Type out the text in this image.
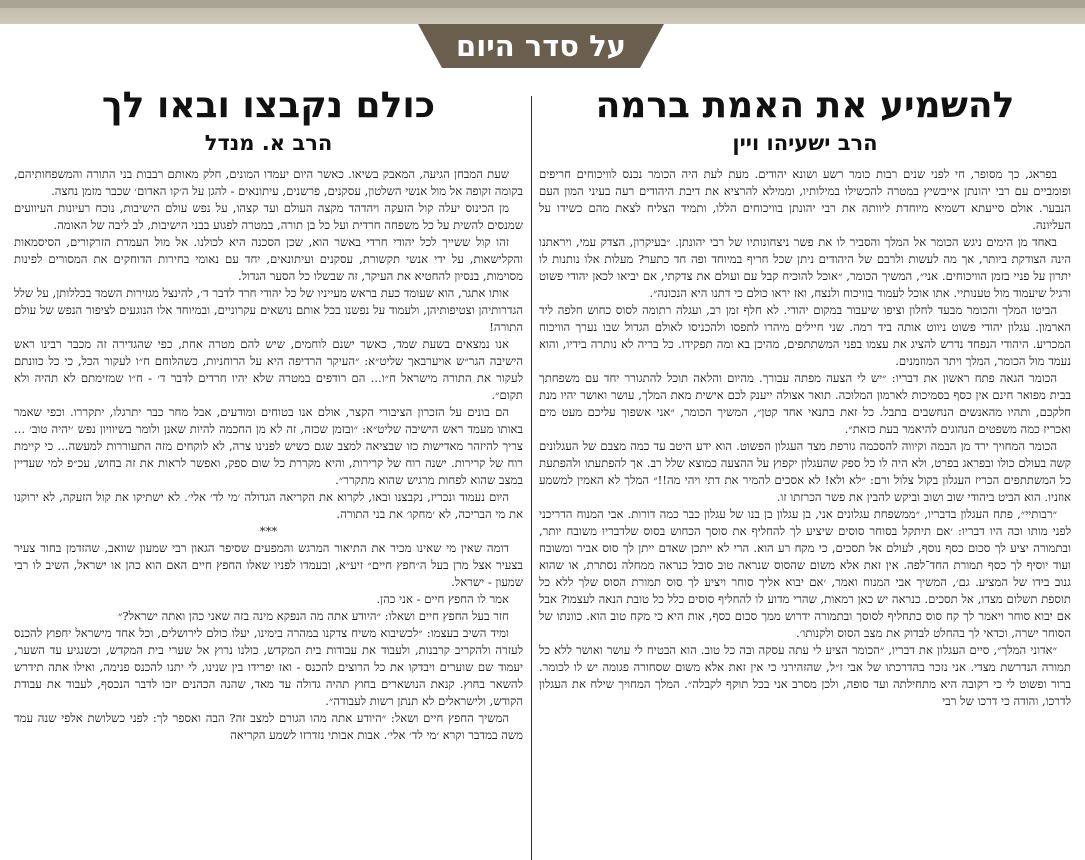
על סדר היום
להשמיע את האמת ברמה
הרב ישעיהו ויין

בפראג, כך מסופר, חי לפני שנים רבות כומר רשע ושונא יהודים. מעת לעת היה הכומר נכנס לוויכוחים חריפים ופומביים עם רבי יהונתן אייבשיץ במטרה להכשילו במילותיו, וממילא להרציא את דיבת היהודים רעה בעיני המון העם הנבער. אולם סייעתא דשמיא מיוחדת ליוותה את רבי יהונתן בוויכוחים הללו, ותמיד הצליח לצאת מהם כשידו על העליונה.

באחד מן הימים ניגש הכומר אל המלך והסביר לו את פשר ניצחונותיו של רבי יהונתן. ״בעיקרון, הצדק עמי, ויראתנו הינה הצודקת ביותר, אך מה לעשות ולרבם של היהודים ניתן שכל חריף במיוחד ופה חד כתער? מעלות אלו נותנות לו יתרון על פניי בזמן הוויכוחים. אני״, המשיך הכומר, ״אוכל להוכיח קבל עם ועולם את צדקתי, אם יביאו לכאן יהודי פשוט ורגיל שיעמוד מול טענותיי. אתו אוכל לעמוד בוויכוח ולנצח, ואז יראו כולם כי דתנו היא הנכונה״.

הביטו המלך והכומר מבעד לחלון וציפו שיעבור במקום יהודי. לא חלף זמן רב, ועגלה רתומה לסוס כחוש חלפה ליד הארמון. עגלון יהודי פשוט ניווט אותה ביד רמה. שני חיילים מיהרו לתפסו ולהכניסו לאולם הגדול שבו נערך הוויכוח המכריע. היהודי הנפחד נדרש להציג את עצמו בפני המשתתפים, מהיכן בא ומה תפקידו. כל בריה לא נותרה בידיו, והוא נעמד מול הכומר, המלך ויתר המוזמנים.

הכומר הגאה פתח ראשון את דבריו: ״יש לי הצעה מפתה עבורך. מהיום והלאה תוכל להתגורר יחד עם משפחתך בבית מפואר חינם אין כסף בסמיכות לארמון המלוכה. תואר אצולה ייענק לכם אישית מאת המלך, עושר ואושר יהיו מנת חלקכם, ותהיו מהאנשים הנחשבים בתבל. כל זאת בתנאי אחד קטן״, המשיך הכומר, ״אני אשפוך עליכם מעט מים ואכריז כמה משפטים הנהוגים להיאמר בעת כזאת״.

הכומר המחויך ירד מן הבמה וקיווה להסכמה גורפת מצד העגלון הפשוט. הוא ידע היטב עד כמה מצבם של העגלונים קשה בעולם כולו ובפראג בפרט, ולא היה לו כל ספק שהעגלון יקפוץ על ההצעה כמוצא שלל רב. אך להפתעתו ולהפתעת כל המשתתפים הכריז העגלון בקול צלול ורם: ״לא ולא! לא אסכים להמיר את דתי ויהי מה!!״ המלך לא האמין למשמע אוזניו. הוא הביט ביהודי שוב ושוב וביקש להבין את פשר הכרזתו זו.

״רבותיי״, פתח העגלון בדבריו, ״ממשפחת עגלונים אני, בן עגלון בן בנו של עגלון כבר כמה דורות. אבי המנוח הדריכני לפני מותו וכה היו דבריו: ׳אם תיתקל בסוחר סוסים שיציע לך להחליף את סוסך הכחוש בסוס שלדבריו משובח יותר, ובתמורה יציע לך סכום כסף נוסף, לעולם אל תסכים, כי מקח רע הוא. הרי לא ייתכן שאדם ייתן לך סוס אביר ומשובח ועוד יוסיף לך כסף תמורת החד־לפה. אין זאת אלא משום שהסוס שנראה טוב סובל כנראה ממחלה נסתרת, או שהוא גנוב בידו של המציע. גם׳, המשיך אבי המנוח ואמר, ׳אם יבוא אליך סוחר ויציע לך סוס תמורת הסוס שלך ללא כל תוספת תשלום מצדו, אל תסכים. כנראה יש כאן רמאות, שהרי מדוע לו להחליף סוסים כלל כל טובת הנאה לעצמו? אבל אם יבוא סוחר ויאמר לך קח סוס כתחליף לסוסך ובתמורה ידרוש ממך סכום כסף, אות היא כי מקח טוב הוא. כוונתו של הסוחר ישרה, וכדאי לך בהחלט לבדוק את מצב הסוס ולקנותו׳.

״אדוני המלך״, סיים העגלון את דבריו, ״הכומר הציע לי עתה עסקה ובה כל טוב. הוא הבטיח לי עושר ואושר ללא כל תמורה הנדרשת מצדי. אני נזכר בהדרכתו של אבי ז״ל, שהזהירני כי אין זאת אלא משום שסחורה פגומה יש לו לכומר. ברור ופשוט לי כי רקובה היא מתחילתה ועד סופה, ולכן מסרב אני בכל תוקף לקבלה״. המלך המחויך שילח את העגלון לדרכו, והודה כי דרכו של רבי

כולם נקבצו ובאו לך
הרב א. מנדל

שעת המבחן הגיעה, המאבק בשיאו. כאשר היום יעמדו המונים, חלק מאותם רבבות בני התורה והמשפחותיהם, בקומה זקופה אל מול אנשי השלטון, עסקנים, פרשנים, עיתונאים - להגן על ה׳קו האדום׳ שכבר מזמן נחצה.

מן הכינוס יעלה קול הזעקה ויהדהד מקצה העולם ועד קצהו, על נפש עולם הישיבות, נוכח רעיונות העיוועים שמנסים להשית על כל משפחה חרדית ועל כל בן תורה, במטרה לפגוע בבני הישיבות, לב ליבה של האומה.

זהו קול ששייך לכל יהודי חרדי באשר הוא, שכן הסכנה היא לכולנו. אל מול העמדת הזרקורים, הסיסמאות והקלישאות, על ידי אנשי תקשורת, עסקנים ועיתונאים, יחד עם נאומי בחירות הדוחקים את המסורים לפינות מסוימות, בנסיון להחטיא את העיקר, זה שבשלו כל הסער הגדול.

אותו אתגר, הוא שעומד כעת בראש מעייניו של כל יהודי חרד לדבר ד׳, להינצל מגזירות השמד בכללותן, על שלל הגדרותיהן וצטיפותיהן, ולעמוד על נפשנו בכל אותם נושאים עקרוניים, ובמיוחד אלו הנוגעים לציפור הנפש של עולם התורה!

אנו נמצאים בשעת שמד, כאשר ישנם לוחמים, שיש להם מטרה אחת, כפי שהגדירה זה מכבר רבינו ראש הישיבה הגר״ש אויערבאך שליט״א: ״העיקר הרדיפה היא על הרוחניות, כשהלוחם ח״ו לעקור הכל, כי כל כוונתם לעקור את התורה מישראל ח״ו... הם רודפים במטרה שלא יהיו חרדים לדבר ד׳ - ח״ו שמזימתם לא תהיה ולא תקום״.

הם בונים על הזכרון הציבורי הקצר, אולם אנו בטוחים ומודעים, אבל מחר כבר יתרגלו, יתקררו. וכפי שאמר באותו מעמד ראש הישיבה שליט״א: ״ובזמן שכזה, זה לא מן החכמה להיות שאנן ולומר בשיוויון נפש ׳יהיה טוב׳ ... צריך להיזהר מאדישות כזו שבציאה למצב שגם כשיש לפנינו צרה, לא לוקחים מזה התעוררות למעשה... כי קיימת רוח של קרירות. ישנה רוח של קרירות, והיא מקררת כל שום ספק, ואפשר לראות את זה בחוש, עכ״פ למי שעדיין במצב שהוא לפחות מרגיש שהוא מתקרר״.

היום נעמוד ונכריז, נקבצנו ובאו, לקרוא את הקריאה הגדולה ׳מי לד׳ אלי׳. לא ישתיקו את קול הזעקה, לא ירוקנו את מי הבריכה, לא ׳מחקו׳ את בני התורה.

***

דומה שאין מי שאינו מכיר את התיאור המרגש והמפעים שסיפר הגאון רבי שמעון שוואב, שהזדמן בחור צעיר בצעיר אצל מרן בעל ה״חפץ חיים״ זיע״א, ובעמדו לפניו שאלו החפץ חיים האם הוא כהן או ישראל, השיב לו רבי שמעון - ישראל.

אמר לו החפץ חיים - אני כהן.

חזר בעל החפץ חיים ושאלו: ״היודע אתה מה הנפקא מינה בזה שאני כהן ואתה ישראל?״

ומיד השיב בעצמו: ״לכשיבוא משיח צדקנו במהרה בימינו, יעלו כולם לירושלים, וכל אחד מישראל יחפוץ להכנס לעזרה ולהקריב קרבנות, ולעבוד את עבודות בית המקדש, כולנו נרוץ אל שערי בית המקדש, וכשנגיע עד השער, יעמוד שם שוערים ויבדקו את כל הרוצים להכנס - ואז יפרידו בין שנינו, לי יתנו להכנס פנימה, ואילו אתה תידרש להשאר בחוץ. קנאת הנושארים בחוץ תהיה גדולה עד מאד, שהנה הכהנים יזכו לדבר הנכסף, לעבוד את עבודת הקודש, ולישראלים לא תנתן רשות לעבודה״.

המשיך החפץ חיים ושאל: ״היודע אתה מהו הגורם למצב זה? הבה ואספר לך: לפני כשלושת אלפי שנה עמד משה במדבר וקרא ׳מי לד׳ אלי׳. אבות אבותי נזדרזו לשמע הקריאה
